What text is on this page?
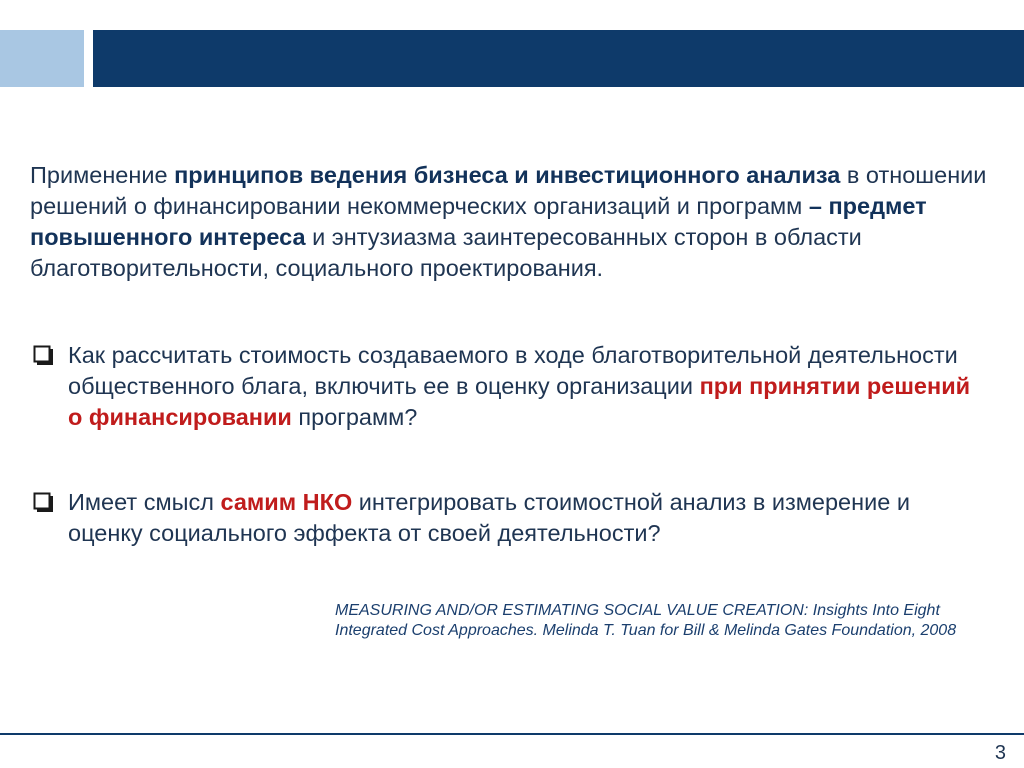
Применение принципов ведения бизнеса и инвестиционного анализа в отношении решений о финансировании некоммерческих организаций и программ – предмет повышенного интереса и энтузиазма заинтересованных сторон в области благотворительности, социального проектирования.
Как рассчитать стоимость создаваемого в ходе благотворительной деятельности общественного блага, включить ее в оценку организации при принятии решений о финансировании программ?
Имеет смысл самим НКО интегрировать стоимостной анализ в измерение и оценку социального эффекта от своей деятельности?
MEASURING AND/OR ESTIMATING SOCIAL VALUE CREATION: Insights Into Eight Integrated Cost Approaches. Melinda T. Tuan for Bill & Melinda Gates Foundation, 2008
3
